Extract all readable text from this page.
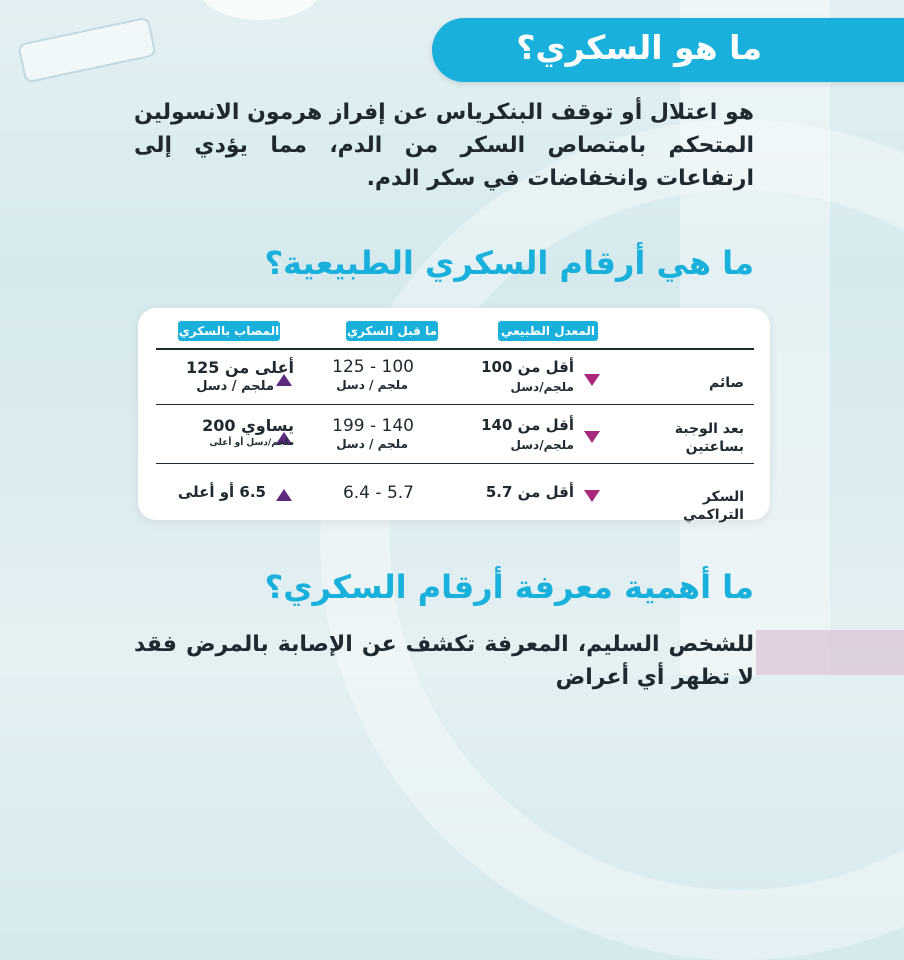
ما هو السكري؟

هو اعتلال أو توقف البنكرياس عن إفراز هرمون الانسولين المتحكم بامتصاص السكر من الدم، مما يؤدي إلى ارتفاعات وانخفاضات في سكر الدم.

ما هي أرقام السكري الطبيعية؟
المعدل الطبيعي
ما قبل السكري
المصاب بالسكري
صائم
أقل من 100
ملجم/دسل
100 - 125
ملجم / دسل
أعلى من 125
ملجم / دسل
بعد الوجبة بساعتين
أقل من 140
ملجم/دسل
140 - 199
ملجم / دسل
يساوي 200
ملجم/دسل أو أعلى
السكر التراكمي
أقل من 5.7
5.7 - 6.4
6.5 أو أعلى
ما أهمية معرفة أرقام السكري؟

للشخص السليم، المعرفة تكشف عن الإصابة بالمرض فقد لا تظهر أي أعراض
